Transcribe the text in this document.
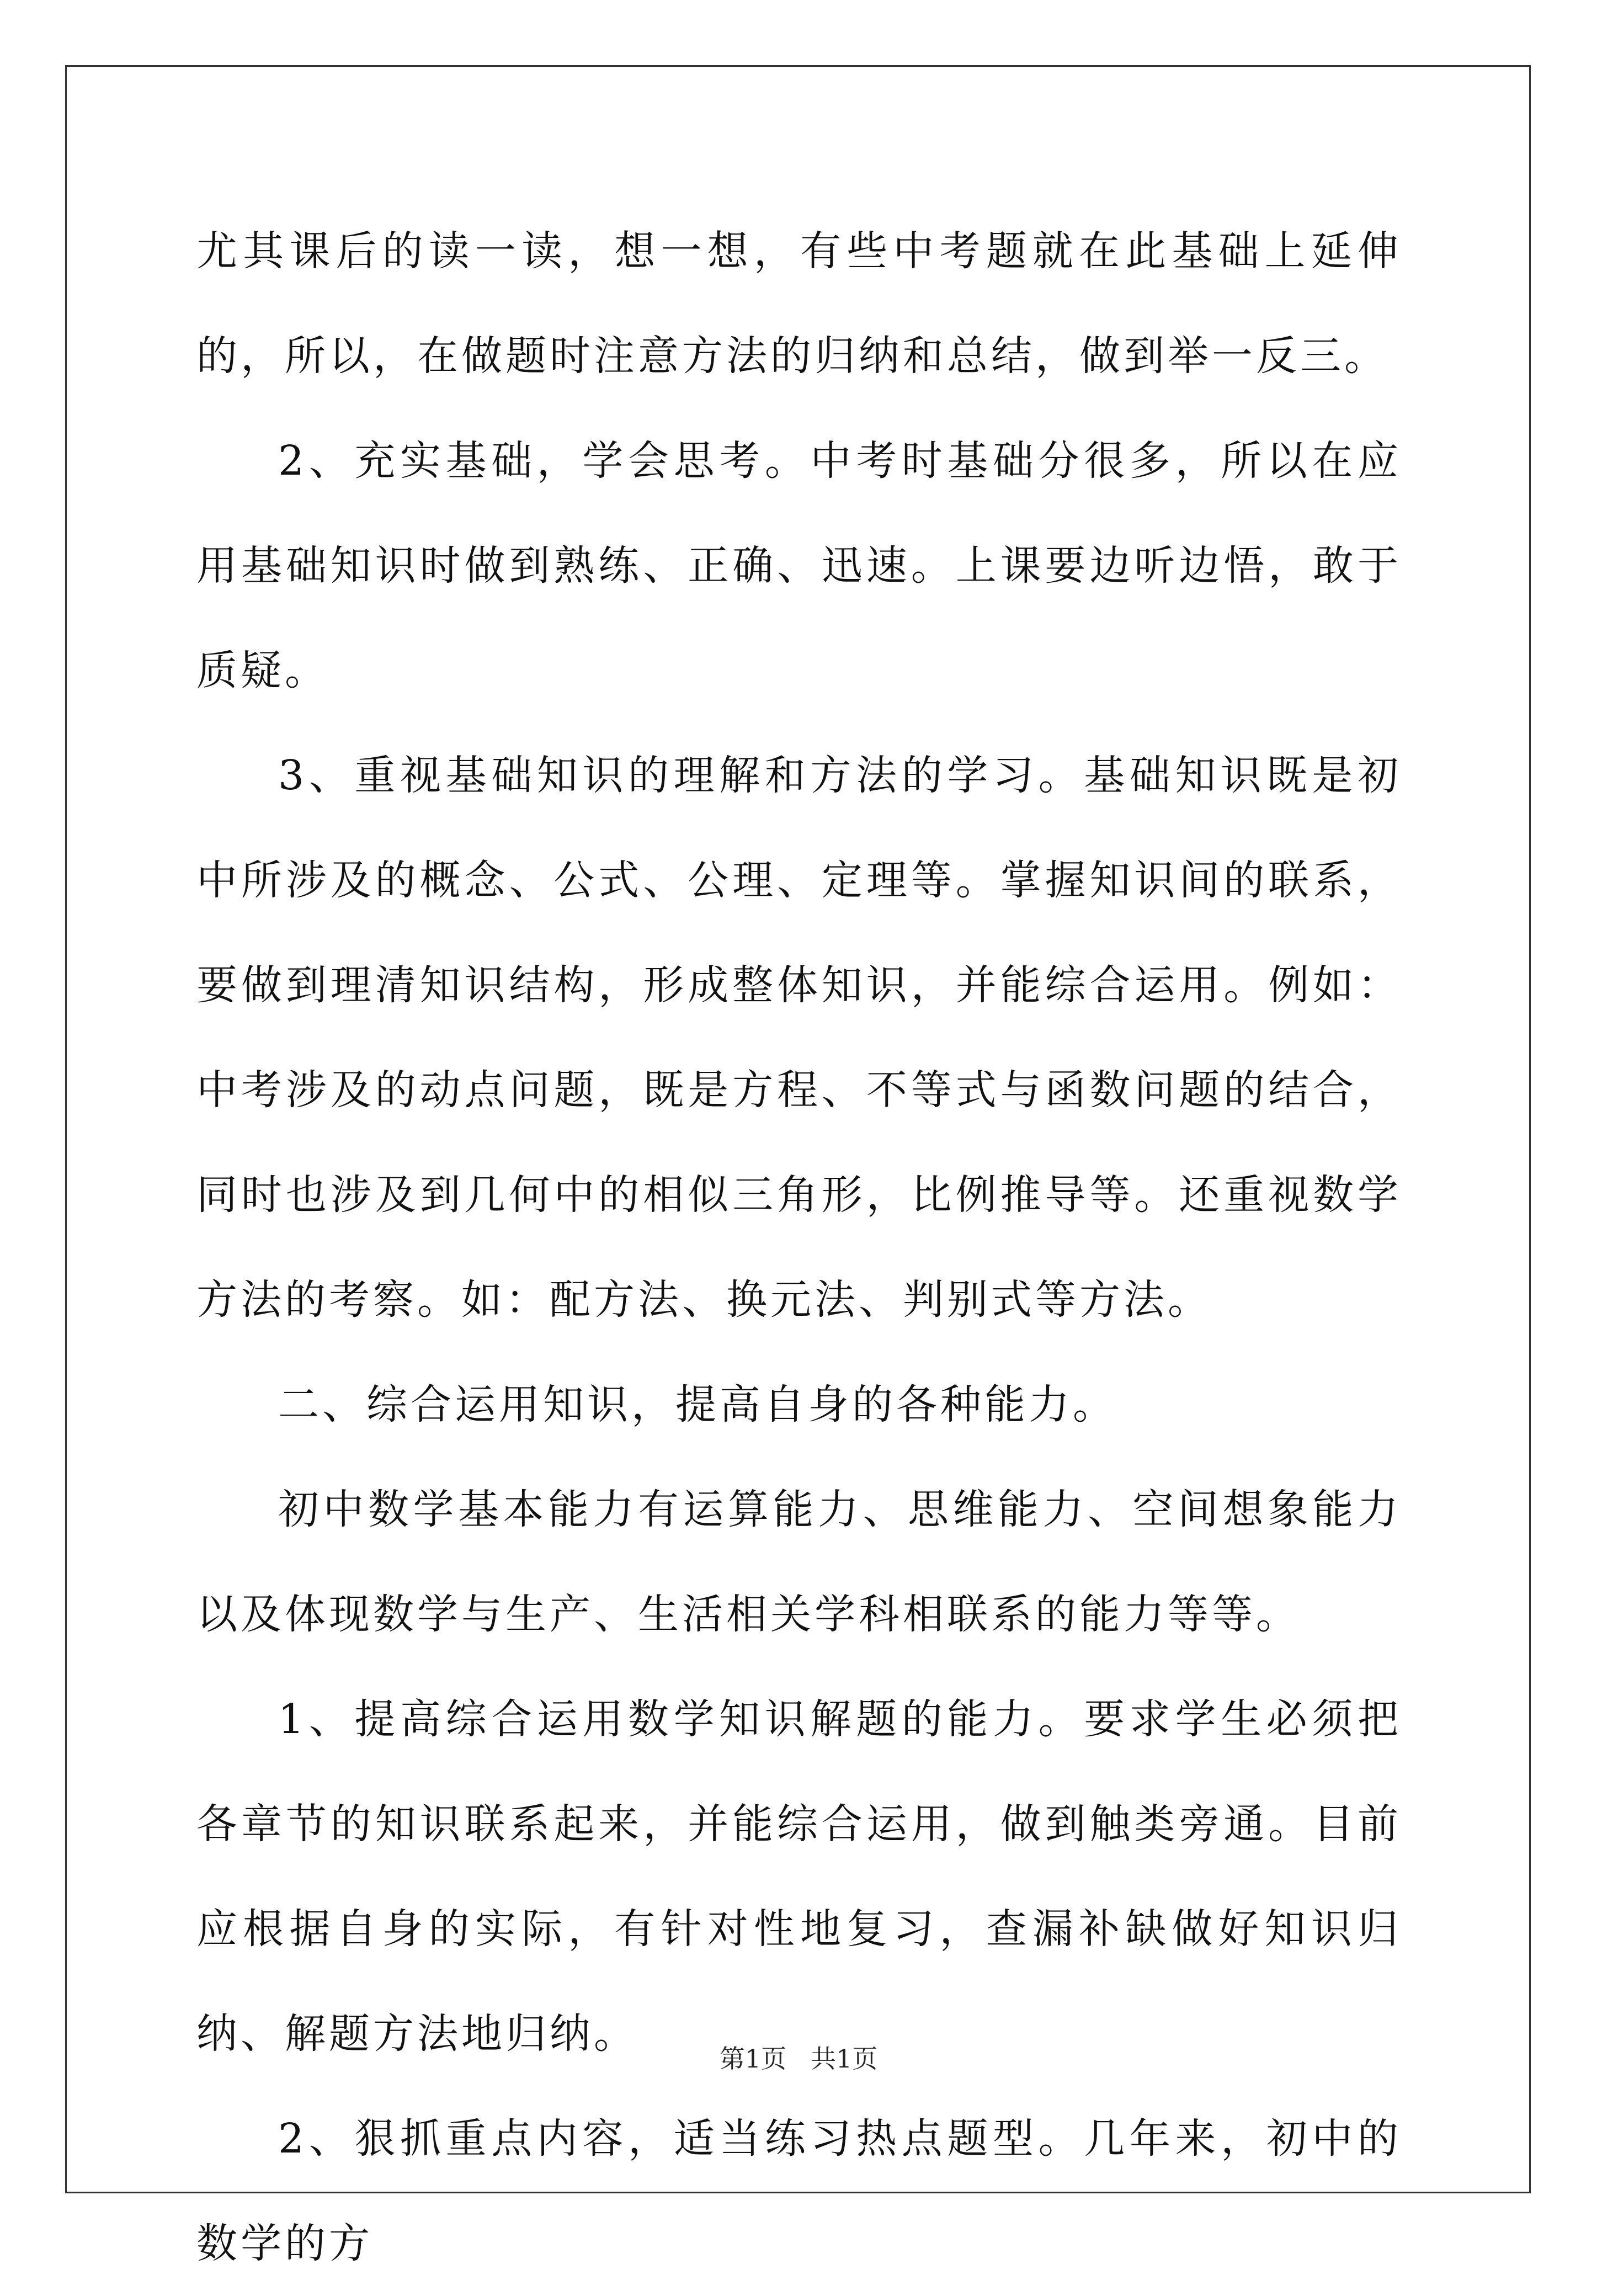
尤其课后的读一读，想一想，有些中考题就在此基础上延伸的，所以，在做题时注意方法的归纳和总结，做到举一反三。

2、充实基础，学会思考。中考时基础分很多，所以在应用基础知识时做到熟练、正确、迅速。上课要边听边悟，敢于质疑。

3、重视基础知识的理解和方法的学习。基础知识既是初中所涉及的概念、公式、公理、定理等。掌握知识间的联系，要做到理清知识结构，形成整体知识，并能综合运用。例如：中考涉及的动点问题，既是方程、不等式与函数问题的结合，同时也涉及到几何中的相似三角形，比例推导等。还重视数学方法的考察。如：配方法、换元法、判别式等方法。

二、综合运用知识，提高自身的各种能力。

初中数学基本能力有运算能力、思维能力、空间想象能力以及体现数学与生产、生活相关学科相联系的能力等等。

1、提高综合运用数学知识解题的能力。要求学生必须把各章节的知识联系起来，并能综合运用，做到触类旁通。目前应根据自身的实际，有针对性地复习，查漏补缺做好知识归纳、解题方法地归纳。

2、狠抓重点内容，适当练习热点题型。几年来，初中的数学的方

第1页   共1页
